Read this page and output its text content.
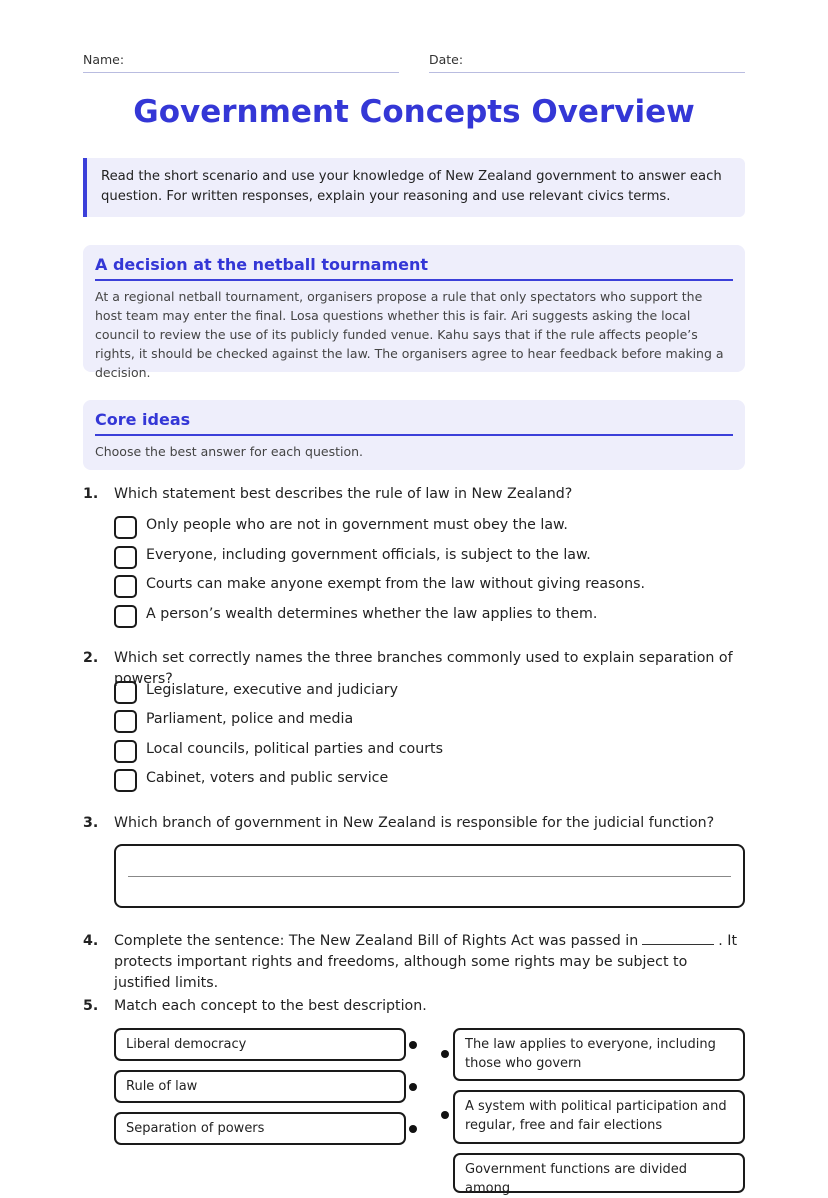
Name:	Date:
Government Concepts Overview
Read the short scenario and use your knowledge of New Zealand government to answer each question. For written responses, explain your reasoning and use relevant civics terms.
A decision at the netball tournament
At a regional netball tournament, organisers propose a rule that only spectators who support the host team may enter the final. Losa questions whether this is fair. Ari suggests asking the local council to review the use of its publicly funded venue. Kahu says that if the rule affects people’s rights, it should be checked against the law. The organisers agree to hear feedback before making a decision.
Core ideas
Choose the best answer for each question.
1. Which statement best describes the rule of law in New Zealand?
Only people who are not in government must obey the law.
Everyone, including government officials, is subject to the law.
Courts can make anyone exempt from the law without giving reasons.
A person’s wealth determines whether the law applies to them.
2. Which set correctly names the three branches commonly used to explain separation of powers?
Legislature, executive and judiciary
Parliament, police and media
Local councils, political parties and courts
Cabinet, voters and public service
3. Which branch of government in New Zealand is responsible for the judicial function?
4. Complete the sentence: The New Zealand Bill of Rights Act was passed in	. It protects important rights and freedoms, although some rights may be subject to justified limits.
5. Match each concept to the best description.
Liberal democracy
Rule of law
Separation of powers
The law applies to everyone, including those who govern
A system with political participation and regular, free and fair elections
Government functions are divided among
